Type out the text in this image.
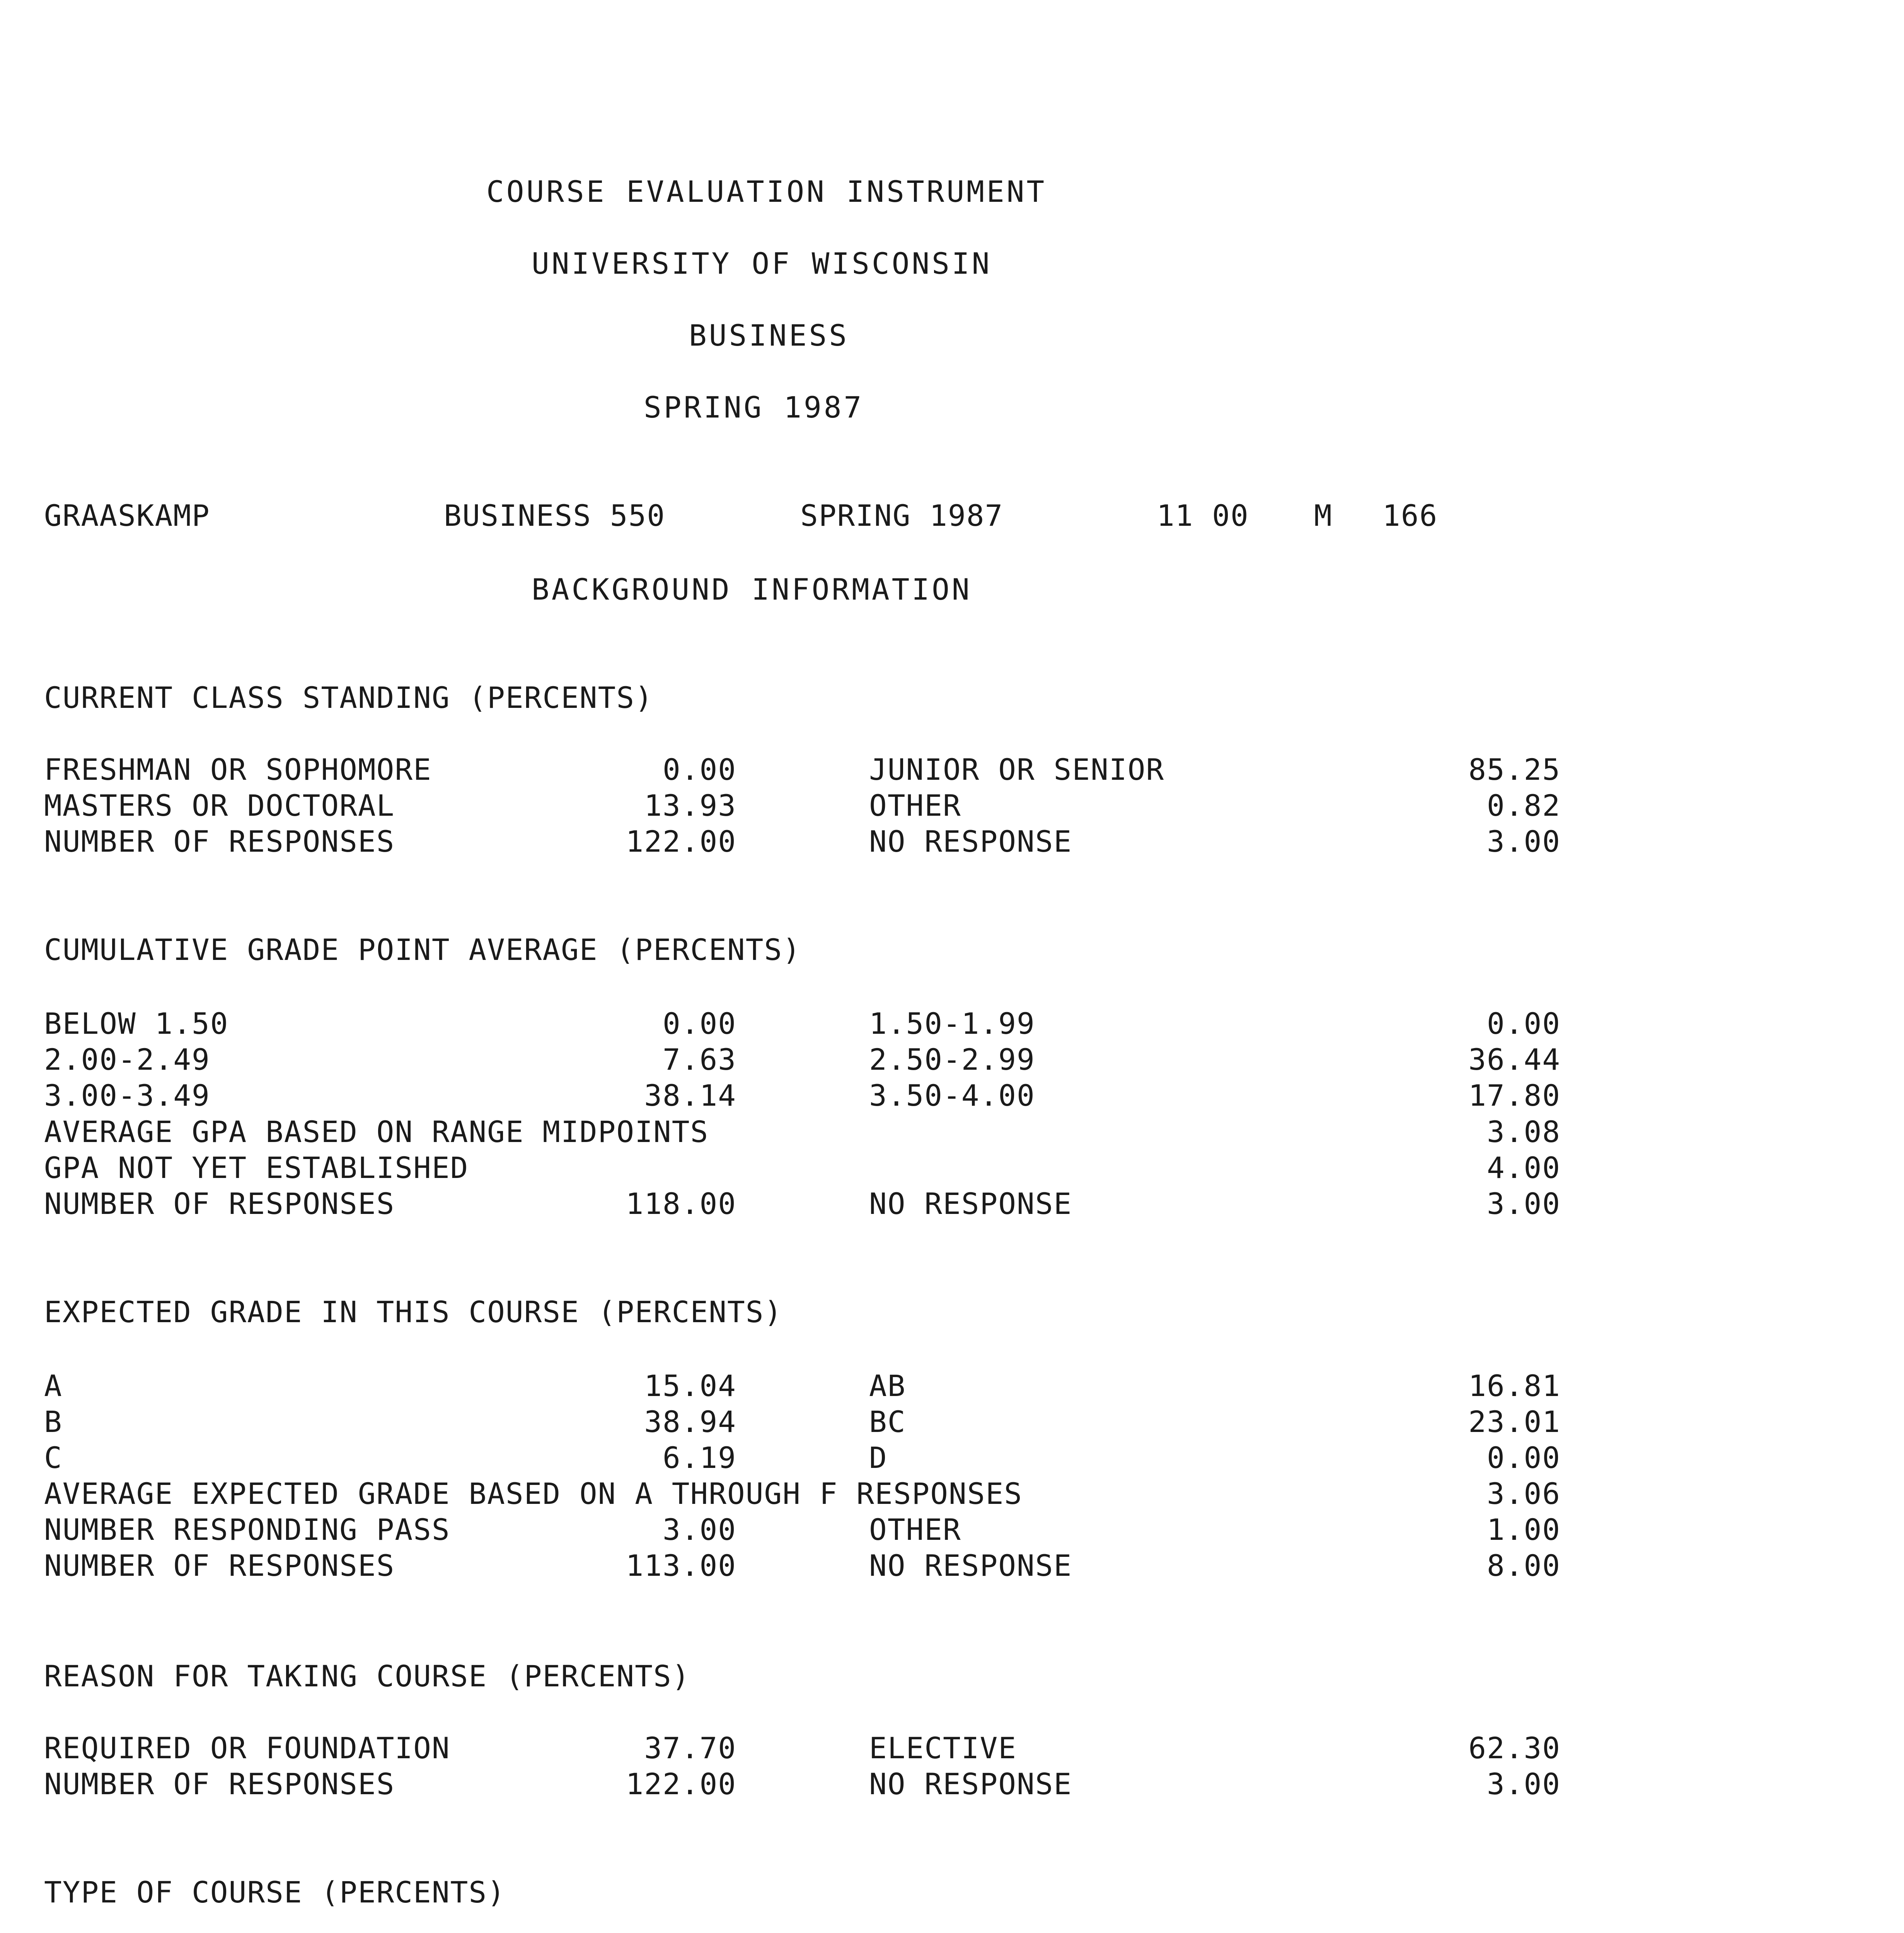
COURSE EVALUATION INSTRUMENT
UNIVERSITY OF WISCONSIN
BUSINESS
SPRING 1987
GRAASKAMP	BUSINESS 550	SPRING 1987	11 00 M 166
BACKGROUND INFORMATION
CURRENT CLASS STANDING (PERCENTS)
FRESHMAN OR SOPHOMORE	0.00	JUNIOR OR SENIOR	85.25
MASTERS OR DOCTORAL	13.93	OTHER	0.82
NUMBER OF RESPONSES	122.00	NO RESPONSE	3.00
CUMULATIVE GRADE POINT AVERAGE (PERCENTS)
BELOW 1.50	0.00	1.50-1.99	0.00
2.00-2.49	7.63	2.50-2.99	36.44
3.00-3.49	38.14	3.50-4.00	17.80
AVERAGE GPA BASED ON RANGE MIDPOINTS	3.08
GPA NOT YET ESTABLISHED	4.00
NUMBER OF RESPONSES	118.00	NO RESPONSE	3.00
EXPECTED GRADE IN THIS COURSE (PERCENTS)
A	15.04	AB	16.81
B	38.94	BC	23.01
C	6.19	D	0.00
AVERAGE EXPECTED GRADE BASED ON A THROUGH F RESPONSES	3.06
NUMBER RESPONDING PASS	3.00	OTHER	1.00
NUMBER OF RESPONSES	113.00	NO RESPONSE	8.00
REASON FOR TAKING COURSE (PERCENTS)
REQUIRED OR FOUNDATION	37.70	ELECTIVE	62.30
NUMBER OF RESPONSES	122.00	NO RESPONSE	3.00
TYPE OF COURSE (PERCENTS)
